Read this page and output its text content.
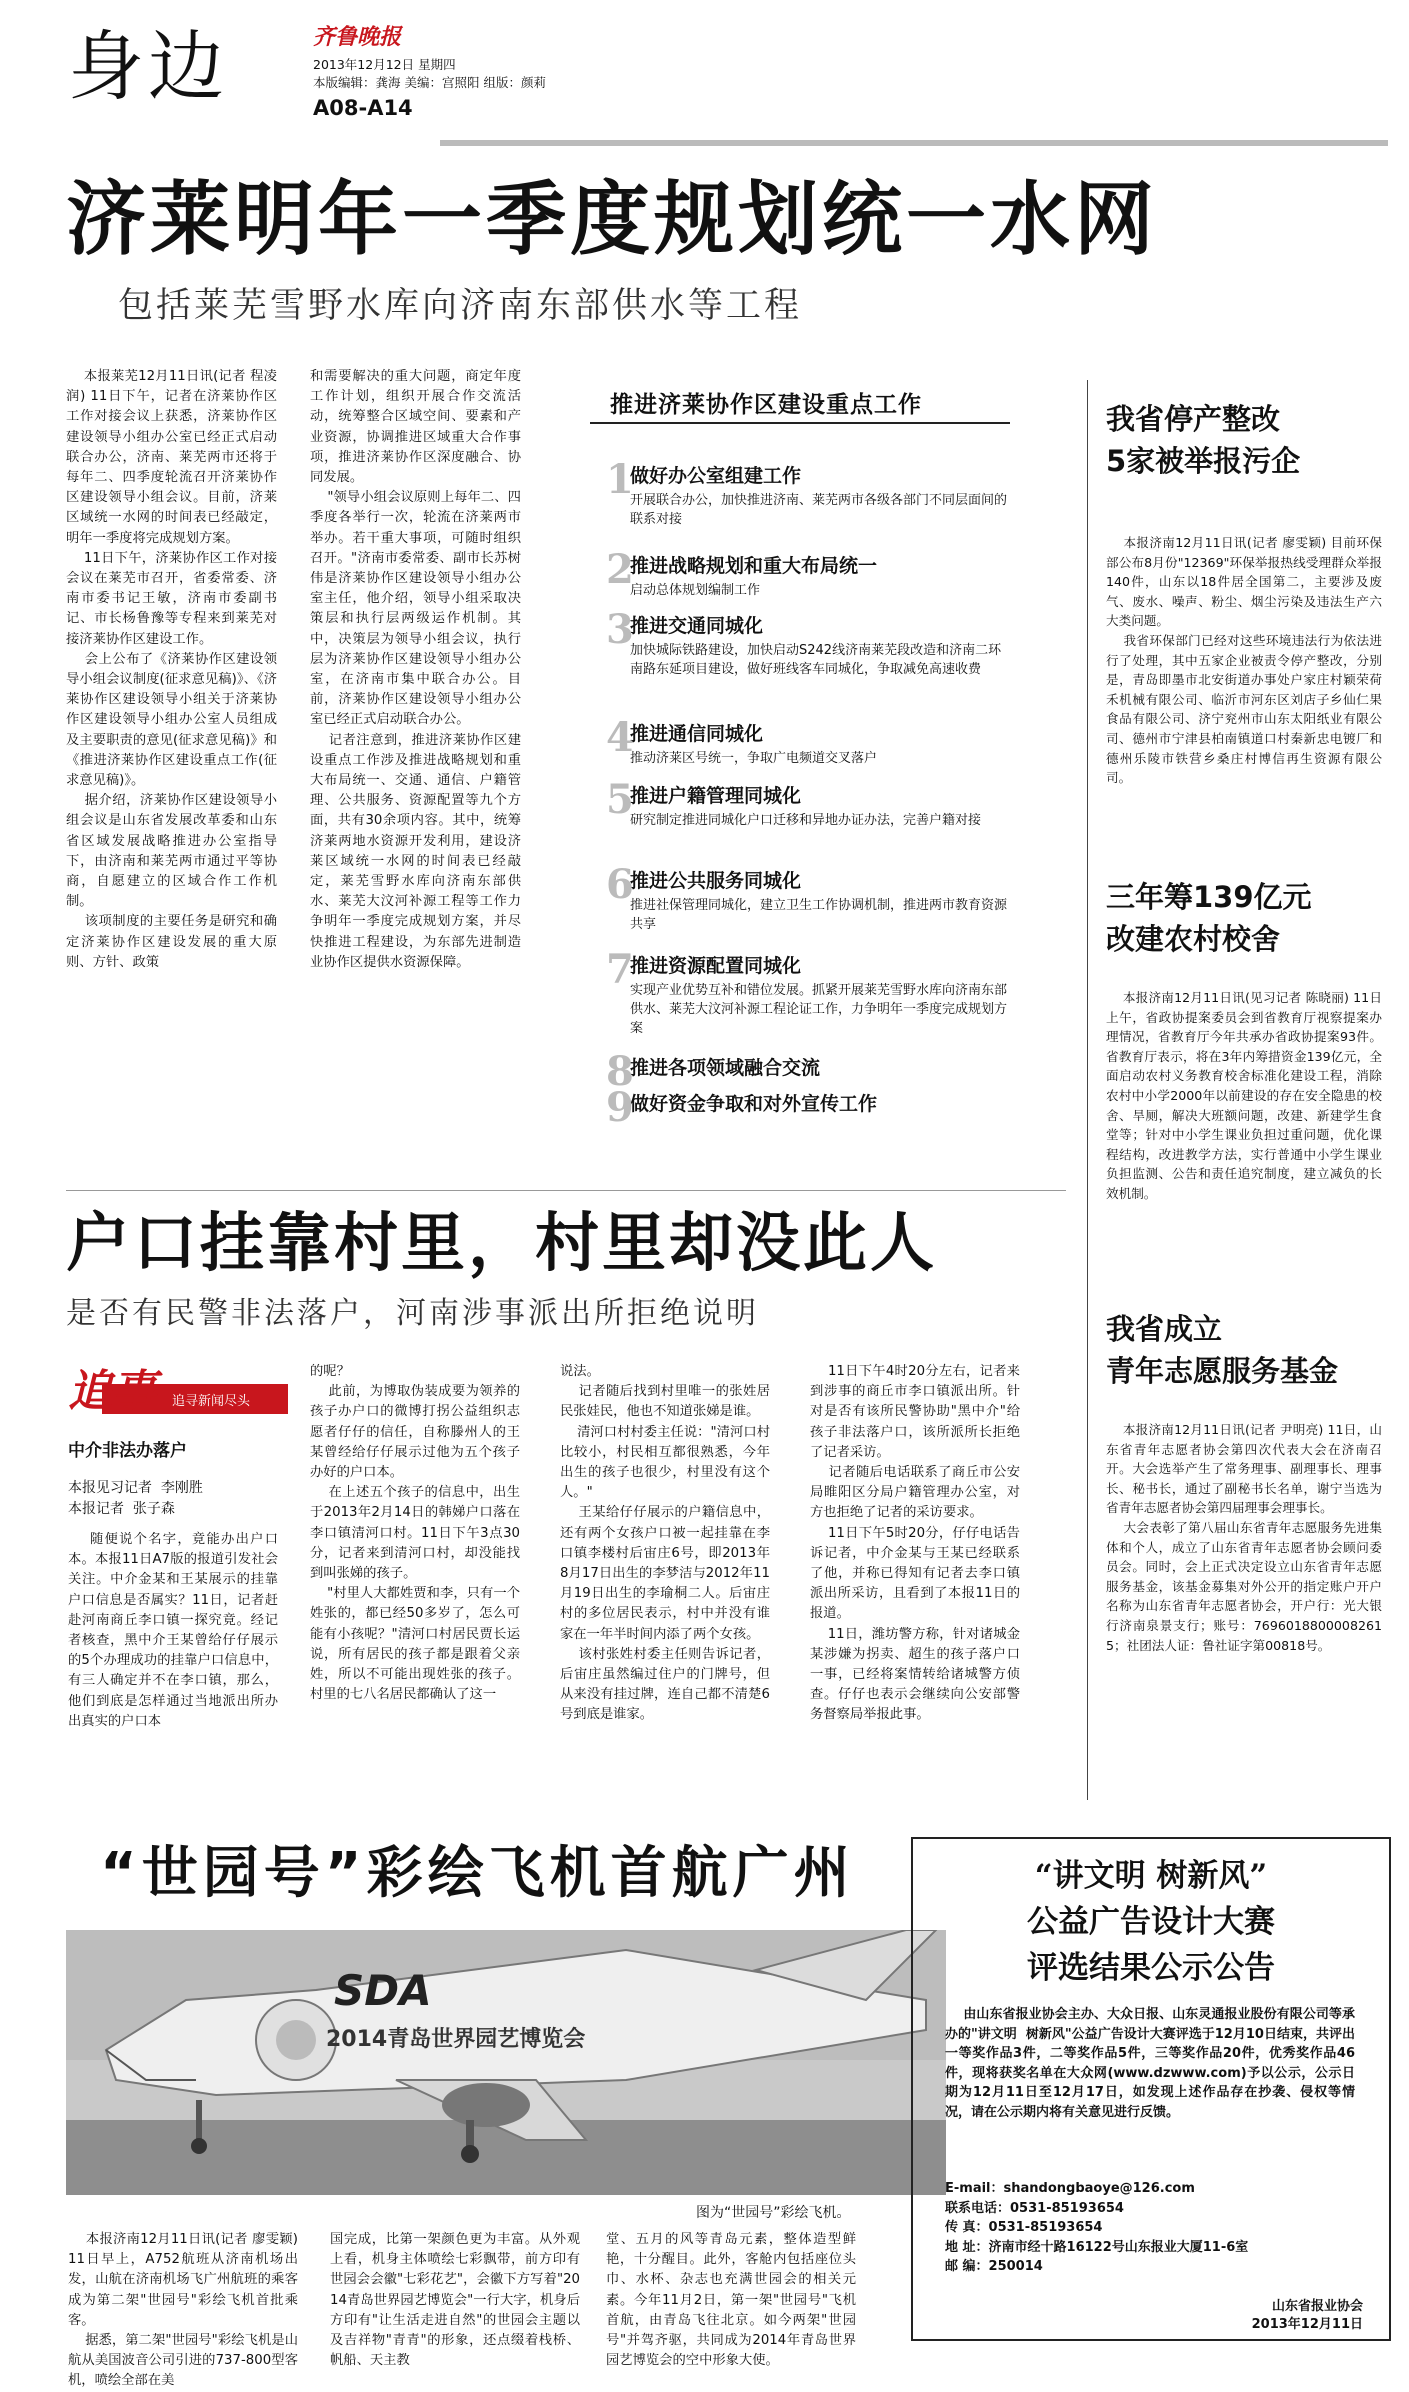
身边	齐鲁晚报
2013年12月12日 星期四
本版编辑：龚海 美编：宫照阳 组版：颜莉
A08-A14
济莱明年一季度规划统一水网
包括莱芜雪野水库向济南东部供水等工程
本报莱芜12月11日讯(记者 程凌润) 11日下午，记者在济莱协作区工作对接会议上获悉，济莱协作区建设领导小组办公室已经正式启动联合办公，济南、莱芜两市还将于每年二、四季度轮流召开济莱协作区建设领导小组会议。目前，济莱区域统一水网的时间表已经敲定，明年一季度将完成规划方案。
11日下午，济莱协作区工作对接会议在莱芜市召开，省委常委、济南市委书记王敏，济南市委副书记、市长杨鲁豫等专程来到莱芜对接济莱协作区建设工作。
会上公布了《济莱协作区建设领导小组会议制度(征求意见稿)》、《济莱协作区建设领导小组关于济莱协作区建设领导小组办公室人员组成及主要职责的意见(征求意见稿)》和《推进济莱协作区建设重点工作(征求意见稿)》。
据介绍，济莱协作区建设领导小组会议是山东省发展改革委和山东省区域发展战略推进办公室指导下，由济南和莱芜两市通过平等协商，自愿建立的区域合作工作机制。
该项制度的主要任务是研究和确定济莱协作区建设发展的重大原则、方针、政策
和需要解决的重大问题，商定年度工作计划，组织开展合作交流活动，统筹整合区域空间、要素和产业资源，协调推进区域重大合作事项，推进济莱协作区深度融合、协同发展。
"领导小组会议原则上每年二、四季度各举行一次，轮流在济莱两市举办。若干重大事项，可随时组织召开。"济南市委常委、副市长苏树伟是济莱协作区建设领导小组办公室主任，他介绍，领导小组采取决策层和执行层两级运作机制。其中，决策层为领导小组会议，执行层为济莱协作区建设领导小组办公室，在济南市集中联合办公。目前，济莱协作区建设领导小组办公室已经正式启动联合办公。
记者注意到，推进济莱协作区建设重点工作涉及推进战略规划和重大布局统一、交通、通信、户籍管理、公共服务、资源配置等九个方面，共有30余项内容。其中，统筹济莱两地水资源开发利用，建设济莱区域统一水网的时间表已经敲定，莱芜雪野水库向济南东部供水、莱芜大汶河补源工程等工作力争明年一季度完成规划方案，并尽快推进工程建设，为东部先进制造业协作区提供水资源保障。
推进济莱协作区建设重点工作
1
做好办公室组建工作
开展联合办公，加快推进济南、莱芜两市各级各部门不同层面间的联系对接
2
推进战略规划和重大布局统一
启动总体规划编制工作
3
推进交通同城化
加快城际铁路建设，加快启动S242线济南莱芜段改造和济南二环南路东延项目建设，做好班线客车同城化，争取减免高速收费
4
推进通信同城化
推动济莱区号统一，争取广电频道交叉落户
5
推进户籍管理同城化
研究制定推进同城化户口迁移和异地办证办法，完善户籍对接
6
推进公共服务同城化
推进社保管理同城化，建立卫生工作协调机制，推进两市教育资源共享
7
推进资源配置同城化
实现产业优势互补和错位发展。抓紧开展莱芜雪野水库向济南东部供水、莱芜大汶河补源工程论证工作，力争明年一季度完成规划方案
8
推进各项领域融合交流
9
做好资金争取和对外宣传工作
我省停产整改
5家被举报污企
本报济南12月11日讯(记者 廖雯颖) 目前环保部公布8月份"12369"环保举报热线受理群众举报140件，山东以18件居全国第二，主要涉及废气、废水、噪声、粉尘、烟尘污染及违法生产六大类问题。
我省环保部门已经对这些环境违法行为依法进行了处理，其中五家企业被责令停产整改，分别是，青岛即墨市北安街道办事处户家庄村颖荣荷禾机械有限公司、临沂市河东区刘店子乡仙仁果食品有限公司、济宁兖州市山东太阳纸业有限公司、德州市宁津县柏南镇道口村秦新忠电镀厂和德州乐陵市铁营乡桑庄村博信再生资源有限公司。
三年筹139亿元
改建农村校舍
本报济南12月11日讯(见习记者 陈晓丽) 11日上午，省政协提案委员会到省教育厅视察提案办理情况，省教育厅今年共承办省政协提案93件。省教育厅表示，将在3年内筹措资金139亿元，全面启动农村义务教育校舍标准化建设工程，消除农村中小学2000年以前建设的存在安全隐患的校舍、旱厕，解决大班额问题，改建、新建学生食堂等；针对中小学生课业负担过重问题，优化课程结构，改进教学方法，实行普通中小学生课业负担监测、公告和责任追究制度，建立减负的长效机制。
我省成立
青年志愿服务基金
本报济南12月11日讯(记者 尹明亮) 11日，山东省青年志愿者协会第四次代表大会在济南召开。大会选举产生了常务理事、副理事长、理事长、秘书长，通过了副秘书长名单，谢宁当选为省青年志愿者协会第四届理事会理事长。
大会表彰了第八届山东省青年志愿服务先进集体和个人，成立了山东省青年志愿者协会顾问委员会。同时，会上正式决定设立山东省青年志愿服务基金，该基金募集对外公开的指定账户开户名称为山东省青年志愿者协会，开户行：光大银行济南泉景支行；账号：76960188000082615；社团法人证：鲁社证字第00818号。
户口挂靠村里，村里却没此人
是否有民警非法落户，河南涉事派出所拒绝说明
追事 追寻新闻尽头
中介非法办落户
本报见习记者  李刚胜
本报记者  张子森
随便说个名字，竟能办出户口本。本报11日A7版的报道引发社会关注。中介金某和王某展示的挂靠户口信息是否属实？11日，记者赶赴河南商丘李口镇一探究竟。经记者核查，黑中介王某曾给仔仔展示的5个办理成功的挂靠户口信息中，有三人确定并不在李口镇，那么，他们到底是怎样通过当地派出所办出真实的户口本
的呢？
此前，为博取伪装成要为领养的孩子办户口的微博打拐公益组织志愿者仔仔的信任，自称滕州人的王某曾经给仔仔展示过他为五个孩子办好的户口本。
在上述五个孩子的信息中，出生于2013年2月14日的韩娣户口落在李口镇清河口村。11日下午3点30分，记者来到清河口村，却没能找到叫张娣的孩子。
"村里人大都姓贾和李，只有一个姓张的，都已经50多岁了，怎么可能有小孩呢？"清河口村居民贾长运说，所有居民的孩子都是跟着父亲姓，所以不可能出现姓张的孩子。村里的七八名居民都确认了这一
说法。
记者随后找到村里唯一的张姓居民张娃民，他也不知道张娣是谁。
清河口村村委主任说："清河口村比较小，村民相互都很熟悉，今年出生的孩子也很少，村里没有这个人。"
王某给仔仔展示的户籍信息中，还有两个女孩户口被一起挂靠在李口镇李楼村后宙庄6号，即2013年8月17日出生的李梦洁与2012年11月19日出生的李瑜桐二人。后宙庄村的多位居民表示，村中并没有谁家在一年半时间内添了两个女孩。
该村张姓村委主任则告诉记者，后宙庄虽然编过住户的门牌号，但从来没有挂过牌，连自己都不清楚6号到底是谁家。
11日下午4时20分左右，记者来到涉事的商丘市李口镇派出所。针对是否有该所民警协助"黑中介"给孩子非法落户口，该所派所长拒绝了记者采访。
记者随后电话联系了商丘市公安局睢阳区分局户籍管理办公室，对方也拒绝了记者的采访要求。
11日下午5时20分，仔仔电话告诉记者，中介金某与王某已经联系了他，并称已得知有记者去李口镇派出所采访，且看到了本报11日的报道。
11日，潍坊警方称，针对诸城金某涉嫌为拐卖、超生的孩子落户口一事，已经将案情转给诸城警方侦查。仔仔也表示会继续向公安部警务督察局举报此事。
“世园号”彩绘飞机首航广州
SDA
2014青岛世界园艺博览会
图为“世园号”彩绘飞机。
本报济南12月11日讯(记者 廖雯颖) 11日早上，A752航班从济南机场出发，山航在济南机场飞广州航班的乘客成为第二架"世园号"彩绘飞机首批乘客。
据悉，第二架"世园号"彩绘飞机是山航从美国波音公司引进的737-800型客机，喷绘全部在美
国完成，比第一架颜色更为丰富。从外观上看，机身主体喷绘七彩飘带，前方印有世园会会徽"七彩花艺"，会徽下方写着"2014青岛世界园艺博览会"一行大字，机身后方印有"让生活走进自然"的世园会主题以及吉祥物"青青"的形象，还点缀着栈桥、帆船、天主教
堂、五月的风等青岛元素，整体造型鲜艳，十分醒目。此外，客舱内包括座位头巾、水杯、杂志也充满世园会的相关元素。今年11月2日，第一架"世园号"飞机首航，由青岛飞往北京。如今两架"世园号"并驾齐驱，共同成为2014年青岛世界园艺博览会的空中形象大使。
“讲文明 树新风”
公益广告设计大赛
评选结果公示公告
由山东省报业协会主办、大众日报、山东灵通报业股份有限公司等承办的"讲文明  树新风"公益广告设计大赛评选于12月10日结束，共评出一等奖作品3件，二等奖作品5件，三等奖作品20件，优秀奖作品46件，现将获奖名单在大众网(www.dzwww.com)予以公示，公示日期为12月11日至12月17日，如发现上述作品存在抄袭、侵权等情况，请在公示期内将有关意见进行反馈。
E-mail：shandongbaoye@126.com
联系电话：0531-85193654
传 真：0531-85193654
地 址：济南市经十路16122号山东报业大厦11-6室
邮 编：250014
山东省报业协会
2013年12月11日
